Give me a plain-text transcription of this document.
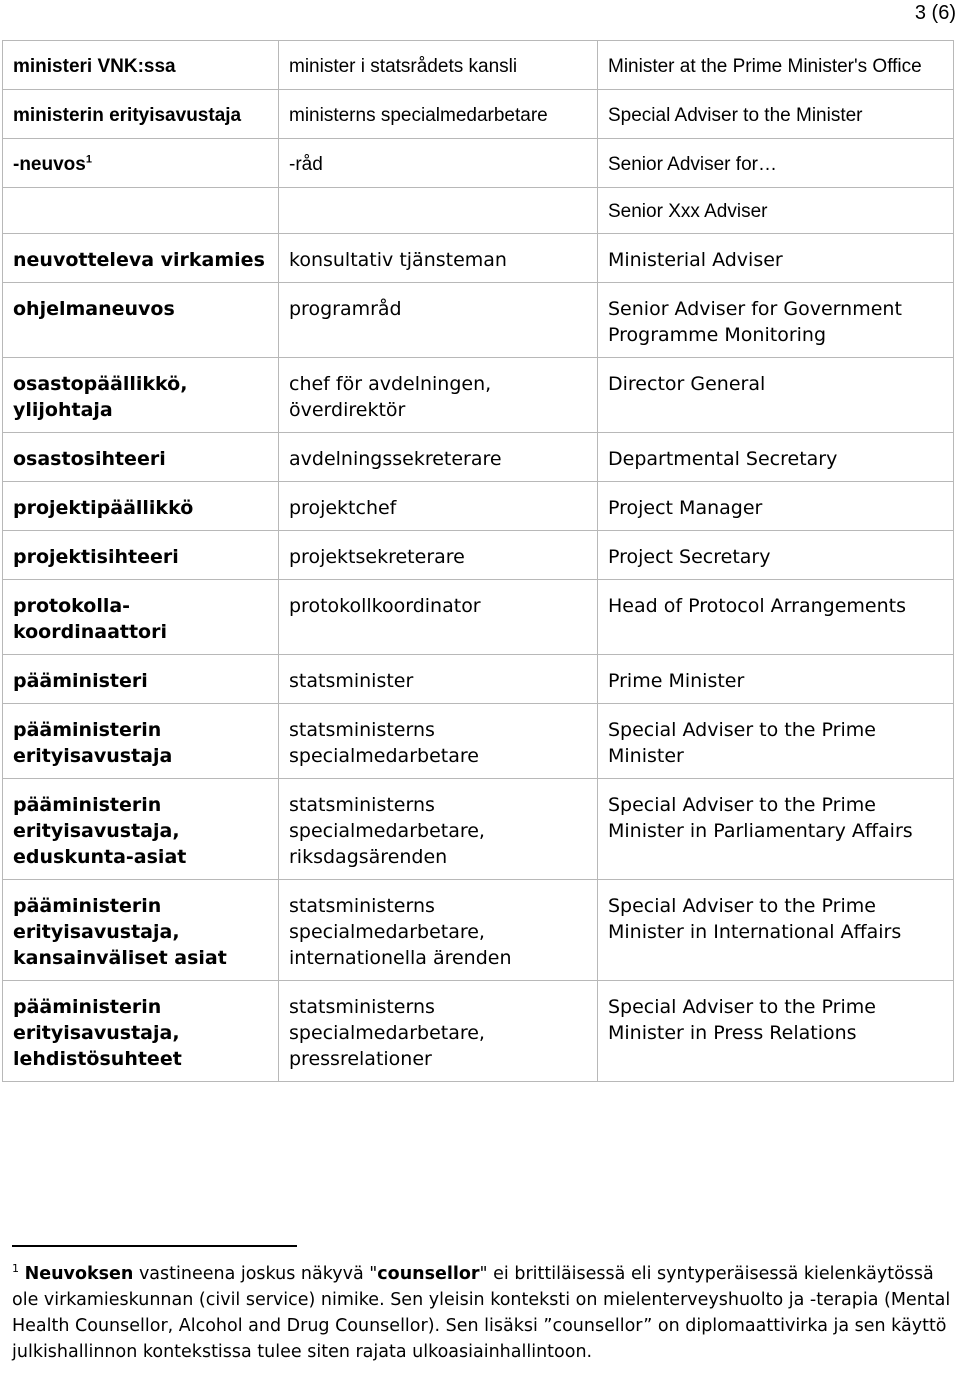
3 (6)
ministeri VNK:ssa	minister i statsrådets kansli	Minister at the Prime Minister's Office
ministerin erityisavustaja	ministerns specialmedarbetare	Special Adviser to the Minister
-neuvos$^1$	-råd	Senior Adviser for…
		Senior Xxx Adviser
neuvotteleva virkamies	konsultativ tjänsteman	Ministerial Adviser
ohjelmaneuvos	programråd	Senior Adviser for Government Programme Monitoring
osastopäällikkö, ylijohtaja	chef för avdelningen, överdirektör	Director General
osastosihteeri	avdelningssekreterare	Departmental Secretary
projektipäällikkö	projektchef	Project Manager
projektisihteeri	projektsekreterare	Project Secretary
protokolla-koordinaattori	protokollkoordinator	Head of Protocol Arrangements
pääministeri	statsminister	Prime Minister
pääministerin erityisavustaja	statsministerns specialmedarbetare	Special Adviser to the Prime Minister
pääministerin erityisavustaja, eduskunta-asiat	statsministerns specialmedarbetare, riksdagsärenden	Special Adviser to the Prime Minister in Parliamentary Affairs
pääministerin erityisavustaja, kansainväliset asiat	statsministerns specialmedarbetare, internationella ärenden	Special Adviser to the Prime Minister in International Affairs
pääministerin erityisavustaja, lehdistösuhteet	statsministerns specialmedarbetare, pressrelationer	Special Adviser to the Prime Minister in Press Relations
$^1$ Neuvoksen vastineena joskus näkyvä "counsellor" ei brittiläisessä eli syntyperäisessä kielenkäytössä ole virkamieskunnan (civil service) nimike. Sen yleisin konteksti on mielenterveyshuolto ja -terapia (Mental Health Counsellor, Alcohol and Drug Counsellor). Sen lisäksi ”counsellor” on diplomaattivirka ja sen käyttö julkishallinnon kontekstissa tulee siten rajata ulkoasiainhallintoon.
